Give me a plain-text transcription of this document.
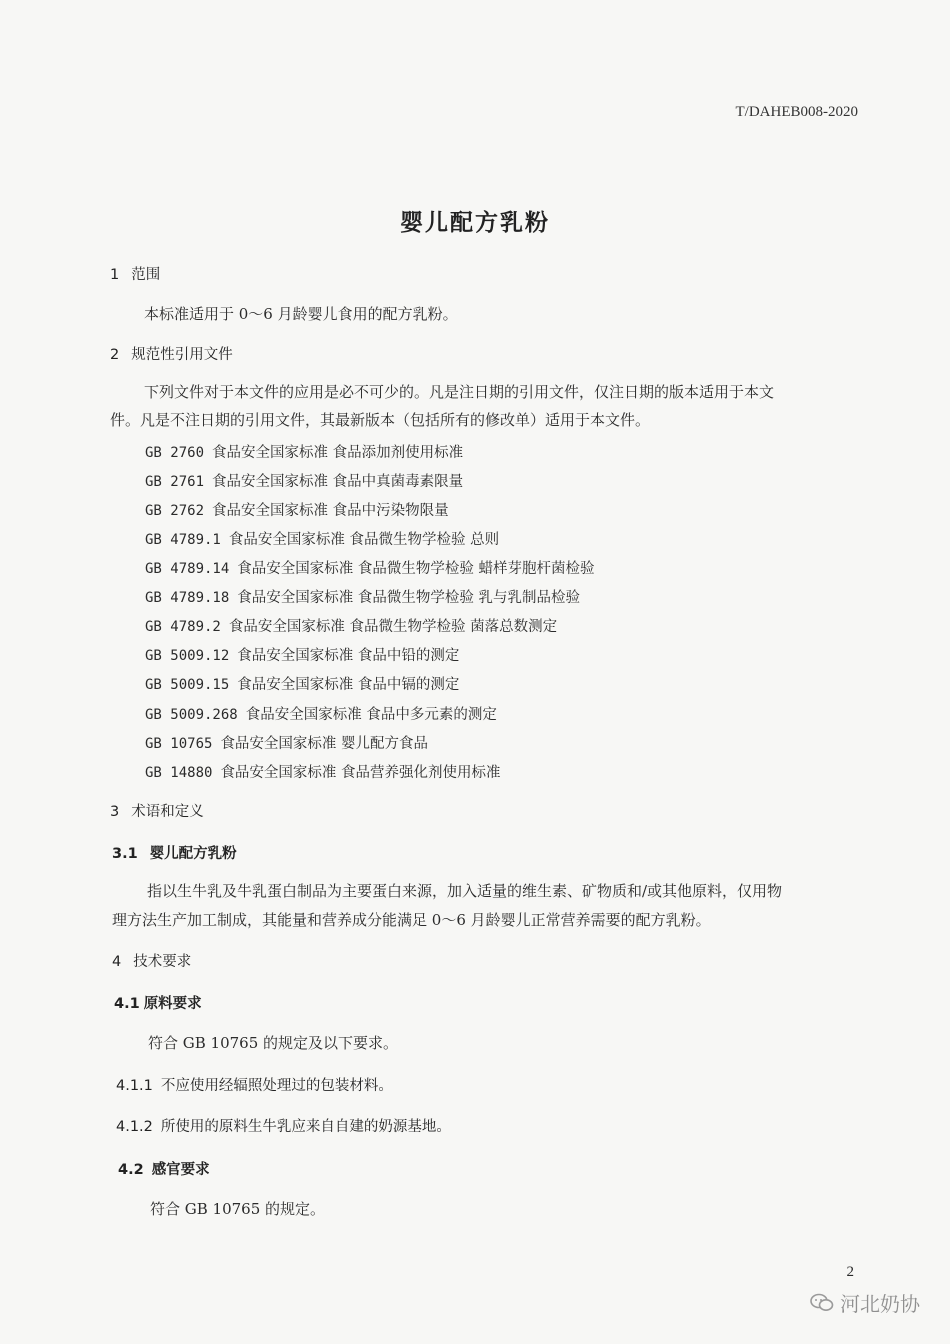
T/DAHEB008-2020
婴儿配方乳粉
1 范围
本标准适用于 0～6 月龄婴儿食用的配方乳粉。
2 规范性引用文件
下列文件对于本文件的应用是必不可少的。凡是注日期的引用文件，仅注日期的版本适用于本文
件。凡是不注日期的引用文件，其最新版本（包括所有的修改单）适用于本文件。
GB 2760 食品安全国家标准 食品添加剂使用标准
GB 2761 食品安全国家标准 食品中真菌毒素限量
GB 2762 食品安全国家标准 食品中污染物限量
GB 4789.1 食品安全国家标准 食品微生物学检验 总则
GB 4789.14 食品安全国家标准 食品微生物学检验 蜡样芽胞杆菌检验
GB 4789.18 食品安全国家标准 食品微生物学检验 乳与乳制品检验
GB 4789.2 食品安全国家标准 食品微生物学检验 菌落总数测定
GB 5009.12 食品安全国家标准 食品中铅的测定
GB 5009.15 食品安全国家标准 食品中镉的测定
GB 5009.268 食品安全国家标准 食品中多元素的测定
GB 10765 食品安全国家标准 婴儿配方食品
GB 14880 食品安全国家标准 食品营养强化剂使用标准
3 术语和定义
3.1 婴儿配方乳粉
指以生牛乳及牛乳蛋白制品为主要蛋白来源，加入适量的维生素、矿物质和/或其他原料，仅用物
理方法生产加工制成，其能量和营养成分能满足 0～6 月龄婴儿正常营养需要的配方乳粉。
4 技术要求
4.1 原料要求
符合 GB 10765 的规定及以下要求。
4.1.1 不应使用经辐照处理过的包装材料。
4.1.2 所使用的原料生牛乳应来自自建的奶源基地。
4.2 感官要求
符合 GB 10765 的规定。
2
河北奶协
